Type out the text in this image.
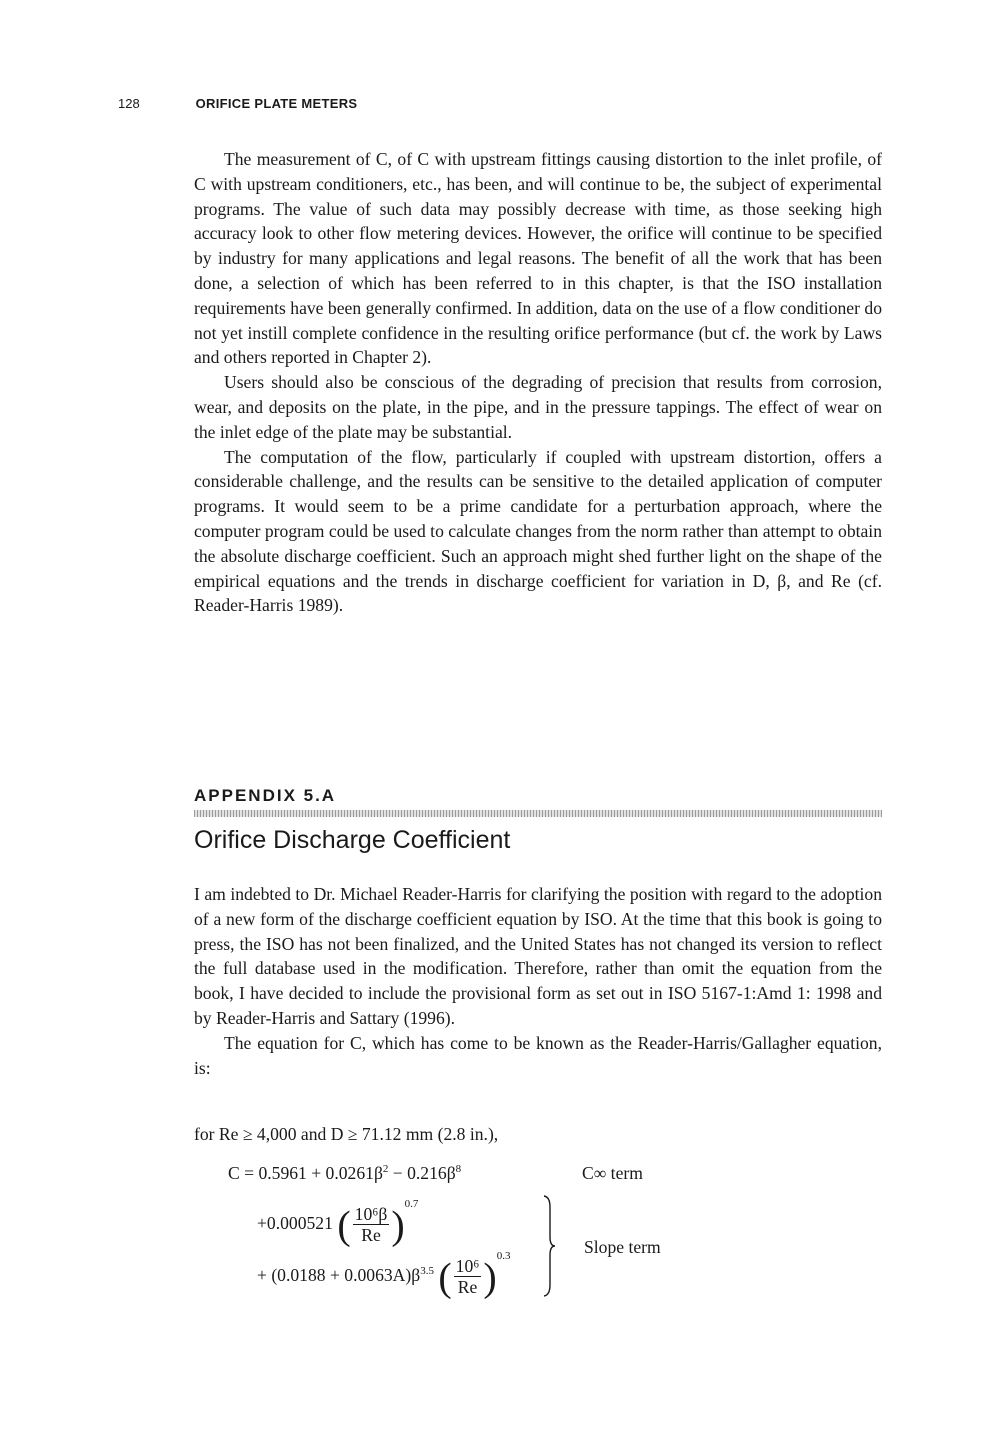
128	ORIFICE PLATE METERS

The measurement of C, of C with upstream fittings causing distortion to the inlet profile, of C with upstream conditioners, etc., has been, and will continue to be, the subject of experimental programs. The value of such data may possibly decrease with time, as those seeking high accuracy look to other flow metering devices. However, the orifice will continue to be specified by industry for many applications and legal reasons. The benefit of all the work that has been done, a selection of which has been referred to in this chapter, is that the ISO installation requirements have been generally confirmed. In addition, data on the use of a flow conditioner do not yet instill complete confidence in the resulting orifice performance (but cf. the work by Laws and others reported in Chapter 2).

Users should also be conscious of the degrading of precision that results from corrosion, wear, and deposits on the plate, in the pipe, and in the pressure tappings. The effect of wear on the inlet edge of the plate may be substantial.

The computation of the flow, particularly if coupled with upstream distortion, offers a considerable challenge, and the results can be sensitive to the detailed application of computer programs. It would seem to be a prime candidate for a perturbation approach, where the computer program could be used to calculate changes from the norm rather than attempt to obtain the absolute discharge coefficient. Such an approach might shed further light on the shape of the empirical equations and the trends in discharge coefficient for variation in D, β, and Re (cf. Reader-Harris 1989).

APPENDIX 5.A
Orifice Discharge Coefficient

I am indebted to Dr. Michael Reader-Harris for clarifying the position with regard to the adoption of a new form of the discharge coefficient equation by ISO. At the time that this book is going to press, the ISO has not been finalized, and the United States has not changed its version to reflect the full database used in the modification. Therefore, rather than omit the equation from the book, I have decided to include the provisional form as set out in ISO 5167-1:Amd 1: 1998 and by Reader-Harris and Sattary (1996).

The equation for C, which has come to be known as the Reader-Harris/Gallagher equation, is:

for Re ≥ 4,000 and D ≥ 71.12 mm (2.8 in.),
$C = 0.5961 + 0.0261\beta^2 - 0.216\beta^8$	C∞ term
+0.000521 ( $\frac{\text{10⁶β}}{Re} )^{0.7}$
+ $(0.0188 + 0.0063A)\beta^{3.5}$ ( $\frac{\text{10⁶}}{Re} )^{0.3}$	Slope term
